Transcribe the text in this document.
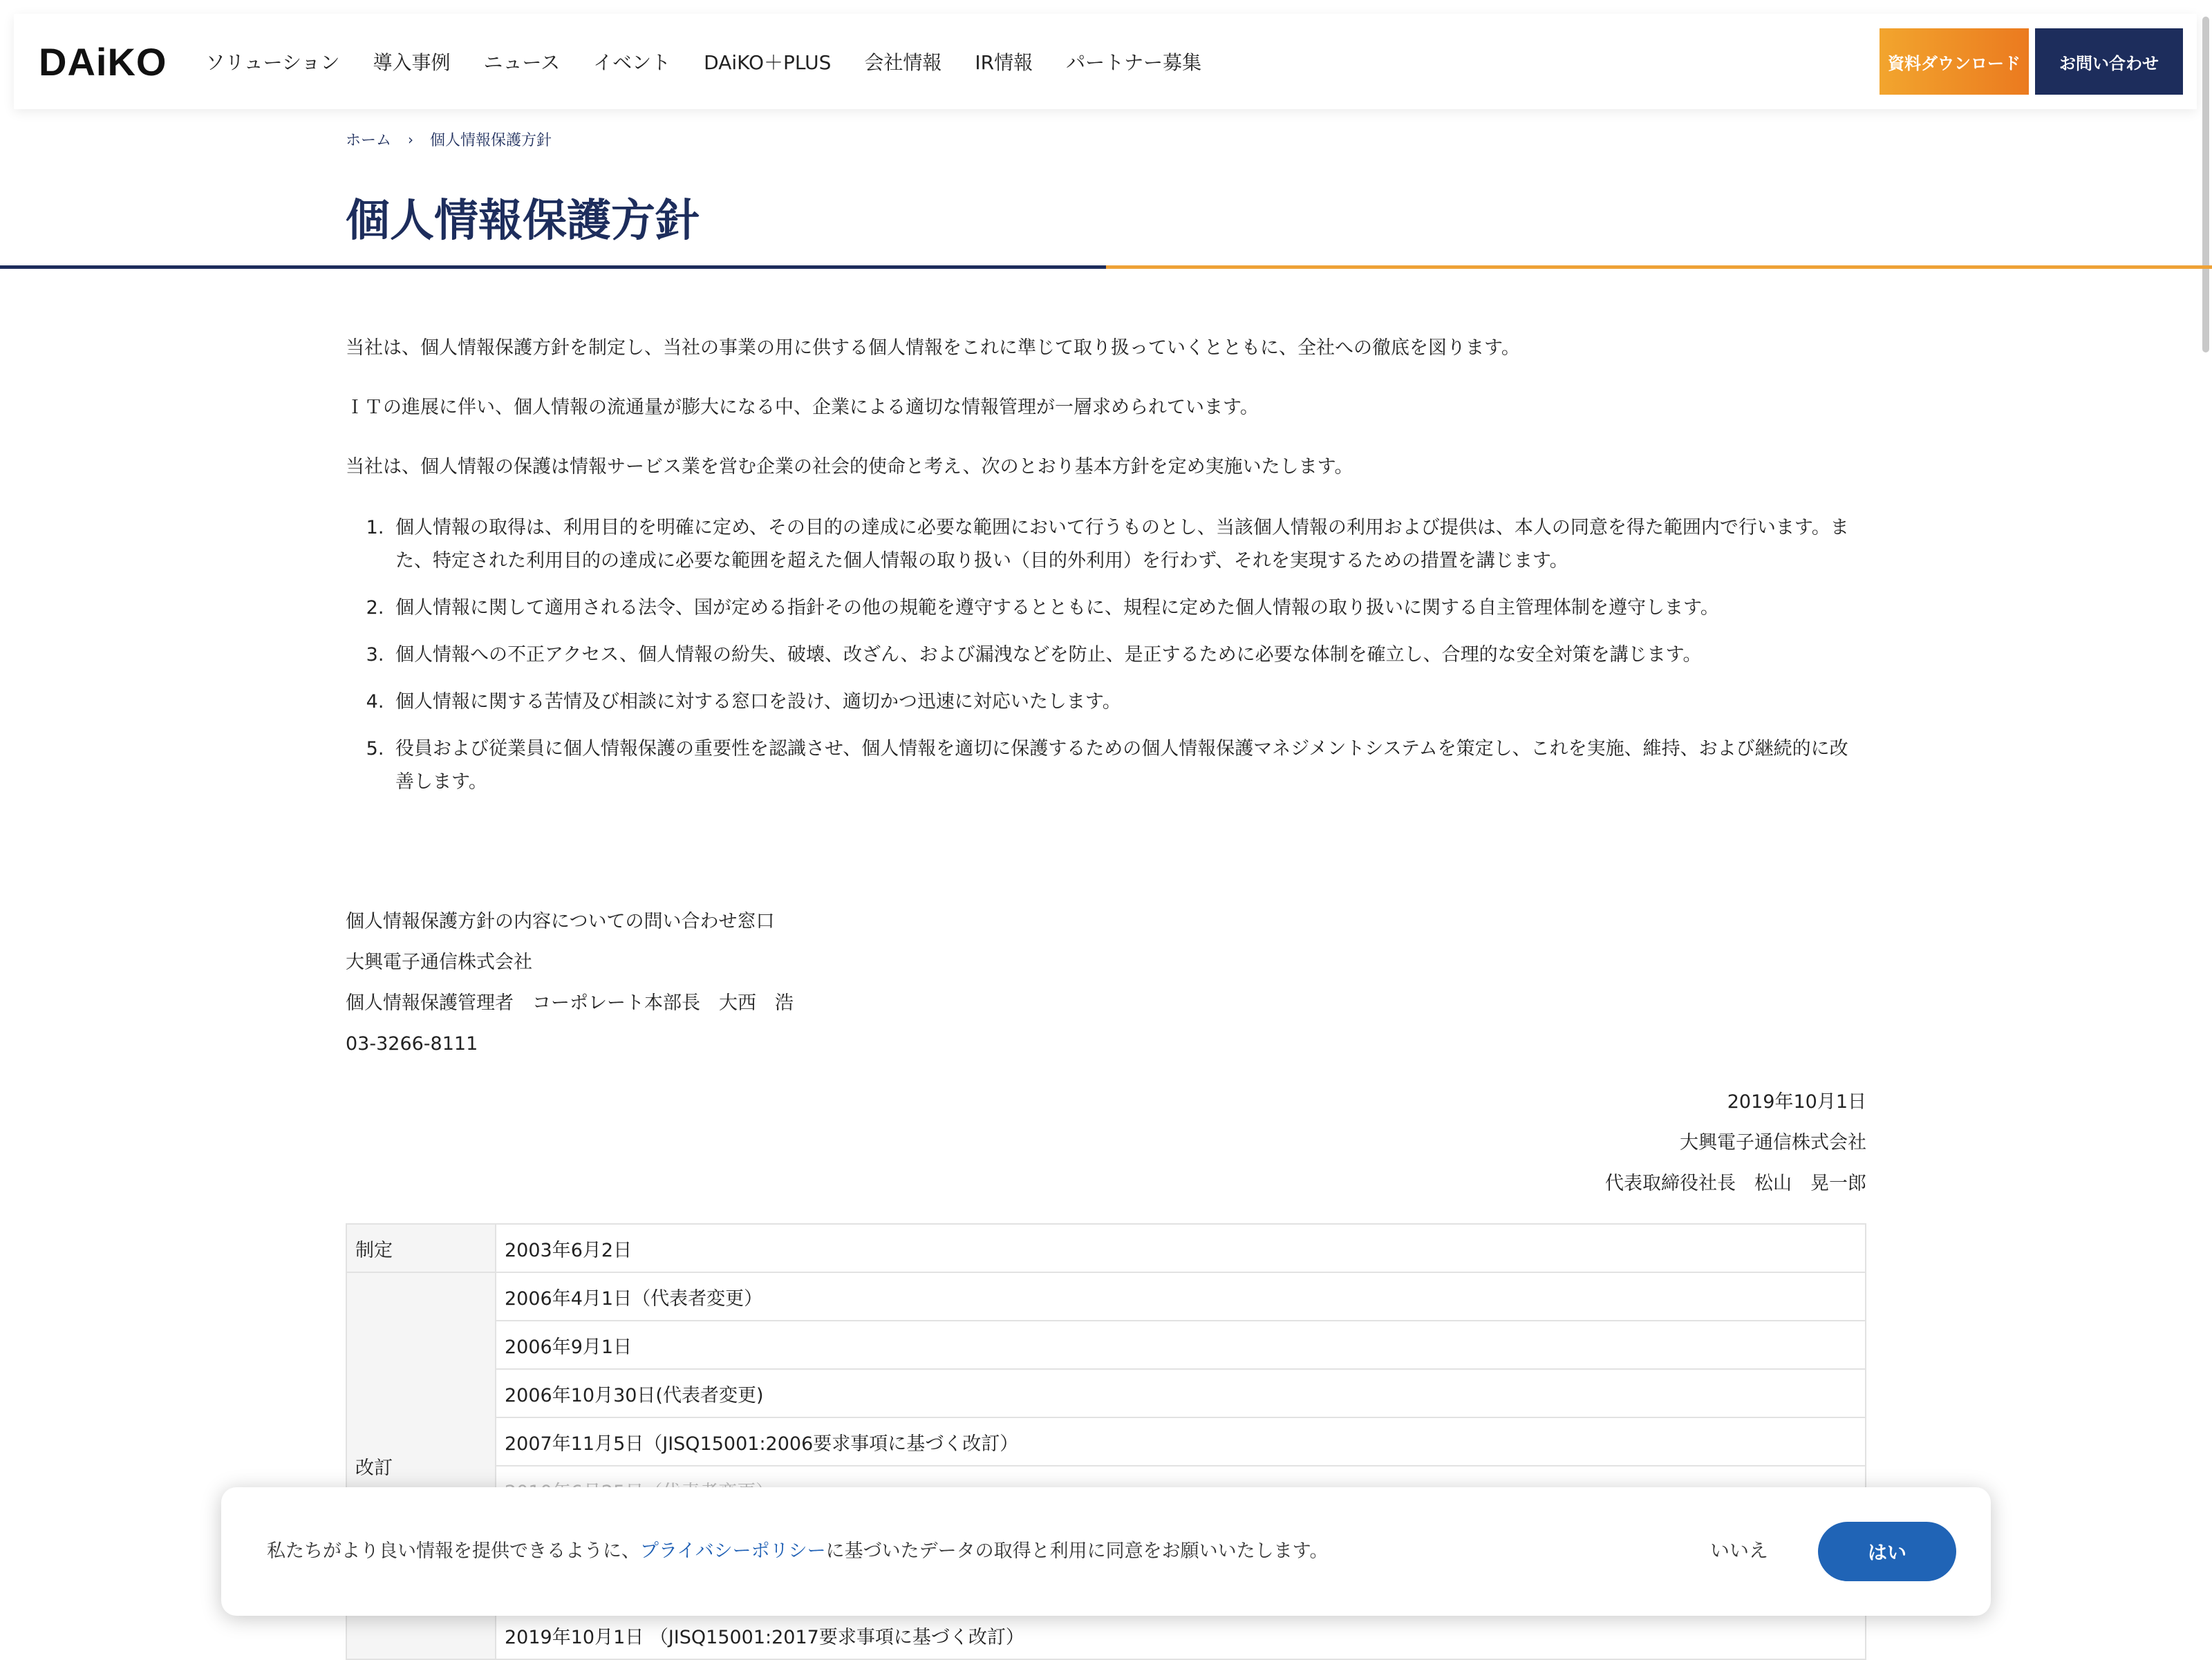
DAiKO ソリューション 導入事例 ニュース イベント DAiKO＋PLUS 会社情報 IR情報 パートナー募集	資料ダウンロード	お問い合わせ
ホーム › 個人情報保護方針
個人情報保護方針

当社は、個人情報保護方針を制定し、当社の事業の用に供する個人情報をこれに準じて取り扱っていくとともに、全社への徹底を図ります。

ＩＴの進展に伴い、個人情報の流通量が膨大になる中、企業による適切な情報管理が一層求められています。

当社は、個人情報の保護は情報サービス業を営む企業の社会的使命と考え、次のとおり基本方針を定め実施いたします。

1. 個人情報の取得は、利用目的を明確に定め、その目的の達成に必要な範囲において行うものとし、当該個人情報の利用および提供は、本人の同意を得た範囲内で行います。また、特定された利用目的の達成に必要な範囲を超えた個人情報の取り扱い（目的外利用）を行わず、それを実現するための措置を講じます。
2. 個人情報に関して適用される法令、国が定める指針その他の規範を遵守するとともに、規程に定めた個人情報の取り扱いに関する自主管理体制を遵守します。
3. 個人情報への不正アクセス、個人情報の紛失、破壊、改ざん、および漏洩などを防止、是正するために必要な体制を確立し、合理的な安全対策を講じます。
4. 個人情報に関する苦情及び相談に対する窓口を設け、適切かつ迅速に対応いたします。
5. 役員および従業員に個人情報保護の重要性を認識させ、個人情報を適切に保護するための個人情報保護マネジメントシステムを策定し、これを実施、維持、および継続的に改善します。
個人情報保護方針の内容についての問い合わせ窓口
大興電子通信株式会社
個人情報保護管理者　コーポレート本部長　大西　浩
03-3266-8111
2019年10月1日
大興電子通信株式会社
代表取締役社長　松山　晃一郎
制定	2003年6月2日
改訂	2006年4月1日（代表者変更）
	2006年9月1日
	2006年10月30日(代表者変更)
	2007年11月5日（JISQ15001:2006要求事項に基づく改訂）

	2019年10月1日 （JISQ15001:2017要求事項に基づく改訂）
私たちがより良い情報を提供できるように、プライバシーポリシーに基づいたデータの取得と利用に同意をお願いいたします。	いいえ	はい
